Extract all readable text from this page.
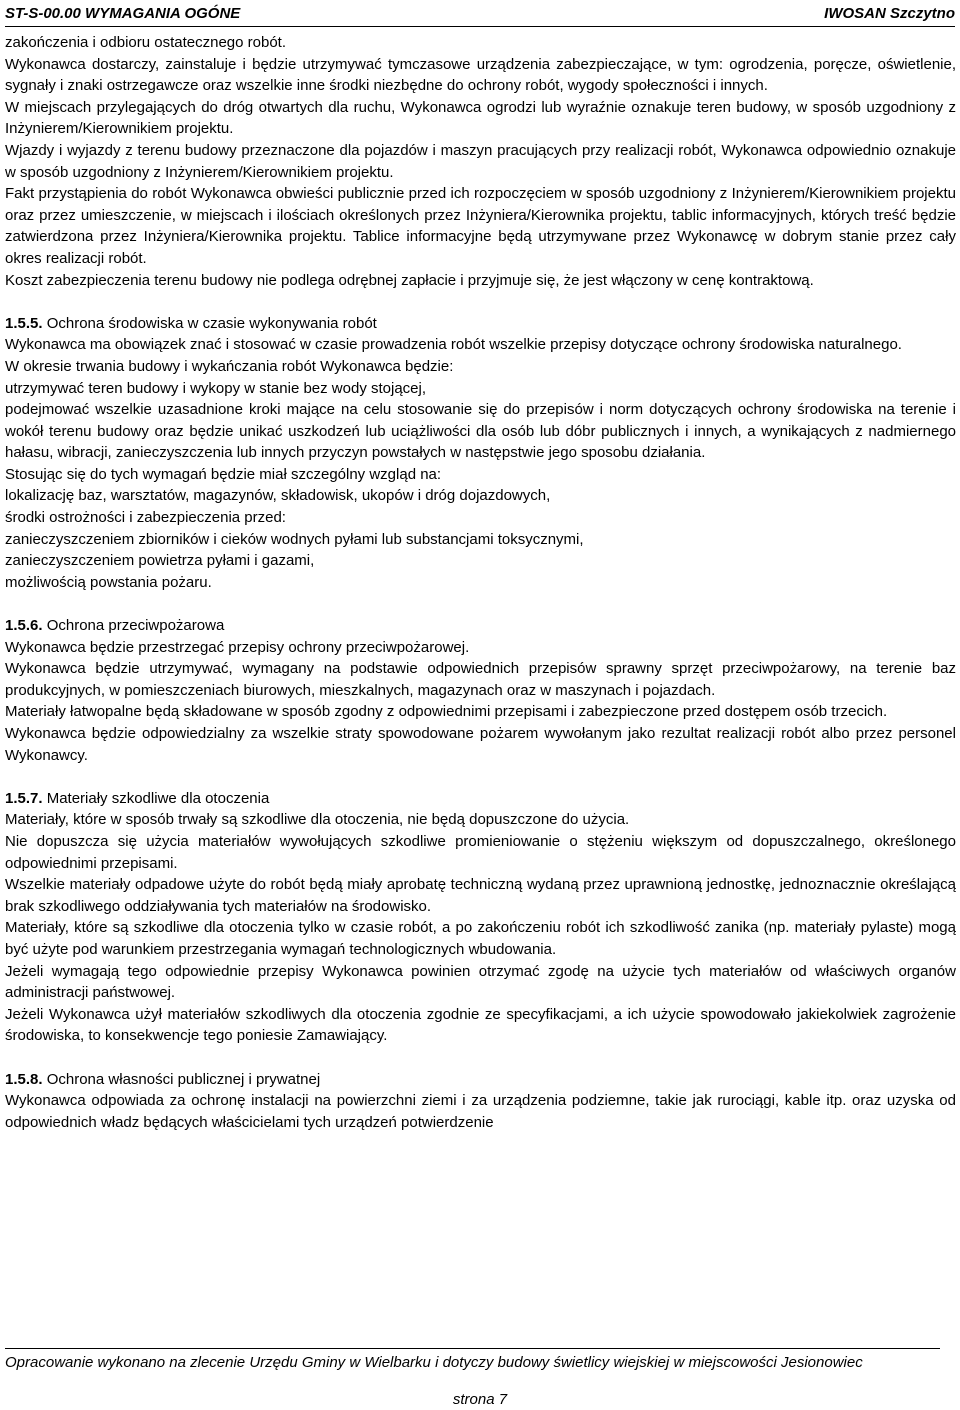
ST-S-00.00 WYMAGANIA OGÓNE	IWOSAN Szczytno

zakończenia i odbioru ostatecznego robót.

Wykonawca dostarczy, zainstaluje i będzie utrzymywać tymczasowe urządzenia zabezpieczające, w tym: ogrodzenia, poręcze, oświetlenie, sygnały i znaki ostrzegawcze oraz wszelkie inne środki niezbędne do ochrony robót, wygody społeczności i innych.

W miejscach przylegających do dróg otwartych dla ruchu, Wykonawca ogrodzi lub wyraźnie oznakuje teren budowy, w sposób uzgodniony z Inżynierem/Kierownikiem projektu.

Wjazdy i wyjazdy z terenu budowy przeznaczone dla pojazdów i maszyn pracujących przy realizacji robót, Wykonawca odpowiednio oznakuje w sposób uzgodniony z Inżynierem/Kierownikiem projektu.

Fakt przystąpienia do robót Wykonawca obwieści publicznie przed ich rozpoczęciem w sposób uzgodniony z Inżynierem/Kierownikiem projektu oraz przez umieszczenie, w miejscach i ilościach określonych przez Inżyniera/Kierownika projektu, tablic informacyjnych, których treść będzie zatwierdzona przez Inżyniera/Kierownika projektu. Tablice informacyjne będą utrzymywane przez Wykonawcę w dobrym stanie przez cały okres realizacji robót.

Koszt zabezpieczenia terenu budowy nie podlega odrębnej zapłacie i przyjmuje się, że jest włączony w cenę kontraktową.

1.5.5. Ochrona środowiska w czasie wykonywania robót

Wykonawca ma obowiązek znać i stosować w czasie prowadzenia robót wszelkie przepisy dotyczące ochrony środowiska naturalnego.

W okresie trwania budowy i wykańczania robót Wykonawca będzie:

utrzymywać teren budowy i wykopy w stanie bez wody stojącej,

podejmować wszelkie uzasadnione kroki mające na celu stosowanie się do przepisów i norm dotyczących ochrony środowiska na terenie i wokół terenu budowy oraz będzie unikać uszkodzeń lub uciążliwości dla osób lub dóbr publicznych i innych, a wynikających z nadmiernego hałasu, wibracji, zanieczyszczenia lub innych przyczyn powstałych w następstwie jego sposobu działania.

Stosując się do tych wymagań będzie miał szczególny wzgląd na:

lokalizację baz, warsztatów, magazynów, składowisk, ukopów i dróg dojazdowych,

środki ostrożności i zabezpieczenia przed:

zanieczyszczeniem zbiorników i cieków wodnych pyłami lub substancjami toksycznymi,

zanieczyszczeniem powietrza pyłami i gazami,

możliwością powstania pożaru.

1.5.6. Ochrona przeciwpożarowa

Wykonawca będzie przestrzegać przepisy ochrony przeciwpożarowej.

Wykonawca będzie utrzymywać, wymagany na podstawie odpowiednich przepisów sprawny sprzęt przeciwpożarowy, na terenie baz produkcyjnych, w pomieszczeniach biurowych, mieszkalnych, magazynach oraz w maszynach i pojazdach.

Materiały łatwopalne będą składowane w sposób zgodny z odpowiednimi przepisami i zabezpieczone przed dostępem osób trzecich.

Wykonawca będzie odpowiedzialny za wszelkie straty spowodowane pożarem wywołanym jako rezultat realizacji robót albo przez personel Wykonawcy.

1.5.7. Materiały szkodliwe dla otoczenia

Materiały, które w sposób trwały są szkodliwe dla otoczenia, nie będą dopuszczone do użycia.

Nie dopuszcza się użycia materiałów wywołujących szkodliwe promieniowanie o stężeniu większym od dopuszczalnego, określonego odpowiednimi przepisami.

Wszelkie materiały odpadowe użyte do robót będą miały aprobatę techniczną wydaną przez uprawnioną jednostkę, jednoznacznie określającą brak szkodliwego oddziaływania tych materiałów na środowisko.

Materiały, które są szkodliwe dla otoczenia tylko w czasie robót, a po zakończeniu robót ich szkodliwość zanika (np. materiały pylaste) mogą być użyte pod warunkiem przestrzegania wymagań technologicznych wbudowania.

Jeżeli wymagają tego odpowiednie przepisy Wykonawca powinien otrzymać zgodę na użycie tych materiałów od właściwych organów administracji państwowej.

Jeżeli Wykonawca użył materiałów szkodliwych dla otoczenia zgodnie ze specyfikacjami, a ich użycie spowodowało jakiekolwiek zagrożenie środowiska, to konsekwencje tego poniesie Zamawiający.

1.5.8. Ochrona własności publicznej i prywatnej

Wykonawca odpowiada za ochronę instalacji na powierzchni ziemi i za urządzenia podziemne, takie jak rurociągi, kable itp. oraz uzyska od odpowiednich władz będących właścicielami tych urządzeń potwierdzenie

Opracowanie wykonano na zlecenie Urzędu Gminy w Wielbarku i dotyczy budowy świetlicy wiejskiej w miejscowości Jesionowiec
strona 7
